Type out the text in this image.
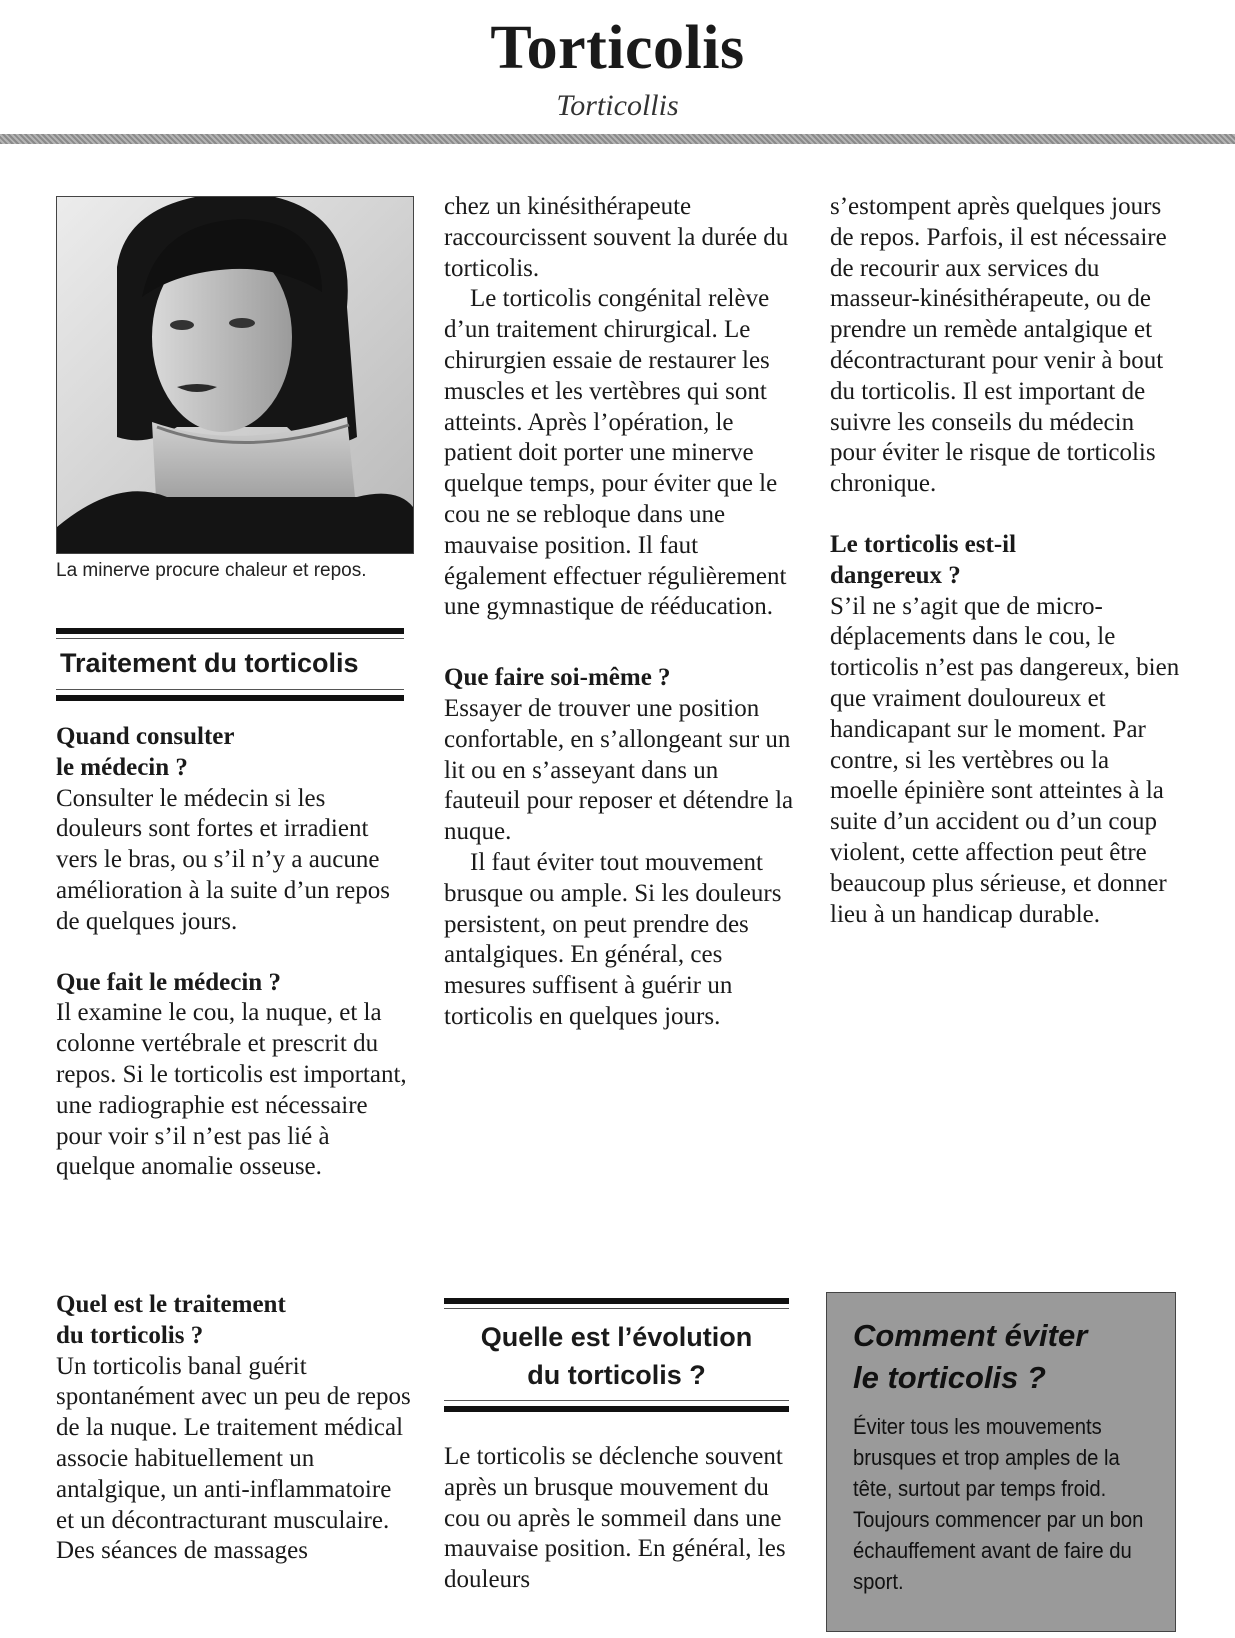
Torticolis
Torticollis
La minerve procure chaleur et repos.
Traitement du torticolis

Quand consulter

le médecin ?

Consulter le médecin si les douleurs sont fortes et irradient vers le bras, ou s’il n’y a aucune amélioration à la suite d’un repos de quelques jours.

Que fait le médecin ?

Il examine le cou, la nuque, et la colonne vertébrale et prescrit du repos. Si le torticolis est important, une radiographie est nécessaire pour voir s’il n’est pas lié à quelque anomalie osseuse.

Quel est le traitement

du torticolis ?

Un torticolis banal guérit spontanément avec un peu de repos de la nuque. Le traitement médical associe habituellement un antalgique, un anti-inflammatoire et un décontracturant musculaire. Des séances de massages

chez un kinésithérapeute raccourcissent souvent la durée du torticolis.

Le torticolis congénital relève d’un traitement chirurgical. Le chirurgien essaie de restaurer les muscles et les vertèbres qui sont atteints. Après l’opération, le patient doit porter une minerve quelque temps, pour éviter que le cou ne se rebloque dans une mauvaise position. Il faut également effectuer régulièrement une gymnastique de rééducation.

Que faire soi-même ?

Essayer de trouver une position confortable, en s’allongeant sur un lit ou en s’asseyant dans un fauteuil pour reposer et détendre la nuque.

Il faut éviter tout mouvement brusque ou ample. Si les douleurs persistent, on peut prendre des antalgiques. En général, ces mesures suffisent à guérir un torticolis en quelques jours.

Quelle est l’évolution
du torticolis ?

Le torticolis se déclenche souvent après un brusque mouvement du cou ou après le sommeil dans une mauvaise position. En général, les douleurs

s’estompent après quelques jours de repos. Parfois, il est nécessaire de recourir aux services du masseur-kinésithérapeute, ou de prendre un remède antalgique et décontracturant pour venir à bout du torticolis. Il est important de suivre les conseils du médecin pour éviter le risque de torticolis chronique.

Le torticolis est-il

dangereux ?

S’il ne s’agit que de micro-déplacements dans le cou, le torticolis n’est pas dangereux, bien que vraiment douloureux et handicapant sur le moment. Par contre, si les vertèbres ou la moelle épinière sont atteintes à la suite d’un accident ou d’un coup violent, cette affection peut être beaucoup plus sérieuse, et donner lieu à un handicap durable.

Comment éviter
le torticolis ?

Éviter tous les mouvements brusques et trop amples de la tête, surtout par temps froid. Toujours commencer par un bon échauffement avant de faire du sport.
